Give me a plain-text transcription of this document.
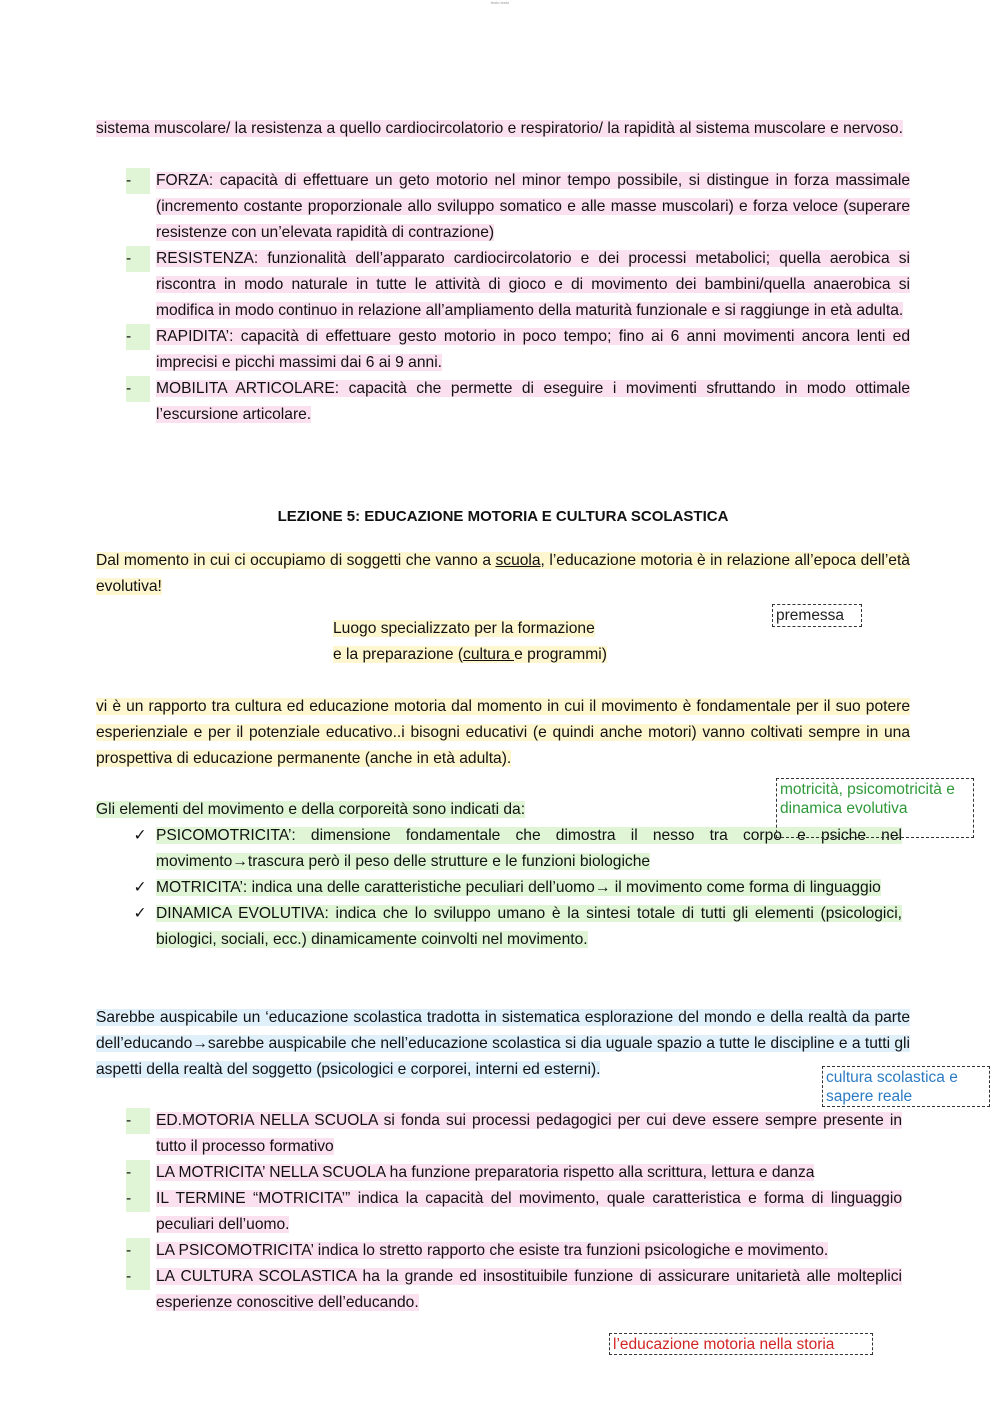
testo testo
sistema muscolare/ la resistenza a quello cardiocircolatorio e respiratorio/ la rapidità al sistema muscolare e nervoso.
-	FORZA: capacità di effettuare un geto motorio nel minor tempo possibile, si distingue in forza massimale (incremento costante proporzionale allo sviluppo somatico e alle masse muscolari) e forza veloce (superare resistenze con un’elevata rapidità di contrazione)
-	RESISTENZA: funzionalità dell’apparato cardiocircolatorio e dei processi metabolici; quella aerobica si riscontra in modo naturale in tutte le attività di gioco e di movimento dei bambini/quella anaerobica si modifica in modo continuo in relazione all’ampliamento della maturità funzionale e si raggiunge in età adulta.
-	RAPIDITA’: capacità di effettuare gesto motorio in poco tempo; fino ai 6 anni movimenti ancora lenti ed imprecisi e picchi massimi dai 6 ai 9 anni.
-	MOBILITA ARTICOLARE: capacità che permette di eseguire i movimenti sfruttando in modo ottimale l’escursione articolare.
LEZIONE 5: EDUCAZIONE MOTORIA E CULTURA SCOLASTICA
Dal momento in cui ci occupiamo di soggetti che vanno a scuola, l’educazione motoria è in relazione all’epoca dell’età evolutiva!
premessa
Luogo specializzato per la formazione
e la preparazione (cultura e programmi)
vi è un rapporto tra cultura ed educazione motoria dal momento in cui il movimento è fondamentale per il suo potere esperienziale e per il potenziale educativo..i bisogni educativi (e quindi anche motori) vanno coltivati sempre in una prospettiva di educazione permanente (anche in età adulta).
Gli elementi del movimento e della corporeità sono indicati da:
✓ PSICOMOTRICITA’: dimensione fondamentale che dimostra il nesso tra corpo e psiche nel movimento→trascura però il peso delle strutture e le funzioni biologiche
✓ MOTRICITA’: indica una delle caratteristiche peculiari dell’uomo→ il movimento come forma di linguaggio
✓ DINAMICA EVOLUTIVA: indica che lo sviluppo umano è la sintesi totale di tutti gli elementi (psicologici, biologici, sociali, ecc.) dinamicamente coinvolti nel movimento.
motricità, psicomotricità e dinamica evolutiva
Sarebbe auspicabile un ‘educazione scolastica tradotta in sistematica esplorazione del mondo e della realtà da parte dell’educando→sarebbe auspicabile che nell’educazione scolastica si dia uguale spazio a tutte le discipline e a tutti gli aspetti della realtà del soggetto (psicologici e corporei, interni ed esterni).	cultura scolastica e sapere reale
-	ED.MOTORIA NELLA SCUOLA si fonda sui processi pedagogici per cui deve essere sempre presente in tutto il processo formativo
-	LA MOTRICITA’ NELLA SCUOLA ha funzione preparatoria rispetto alla scrittura, lettura e danza
-	IL TERMINE “MOTRICITA’” indica la capacità del movimento, quale caratteristica e forma di linguaggio peculiari dell’uomo.
-	LA PSICOMOTRICITA’ indica lo stretto rapporto che esiste tra funzioni psicologiche e movimento.
-	LA CULTURA SCOLASTICA ha la grande ed insostituibile funzione di assicurare unitarietà alle molteplici esperienze conoscitive dell’educando.
l’educazione motoria nella storia
